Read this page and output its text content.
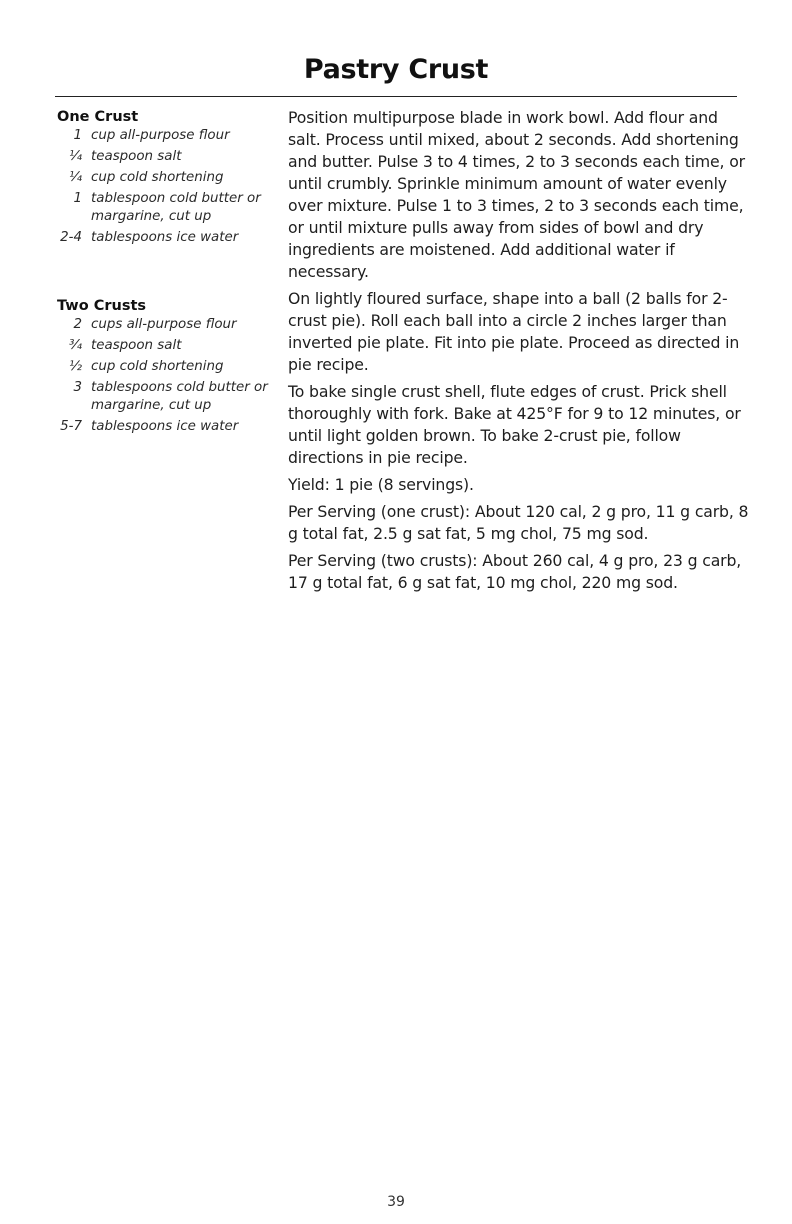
Pastry Crust
One Crust
1 cup all-purpose flour
¼ teaspoon salt
¼ cup cold shortening
1 tablespoon cold butter or margarine, cut up
2-4 tablespoons ice water
Two Crusts
2 cups all-purpose flour
¾ teaspoon salt
½ cup cold shortening
3 tablespoons cold butter or margarine, cut up
5-7 tablespoons ice water

Position multipurpose blade in work bowl. Add flour and salt. Process until mixed, about 2 seconds. Add shortening and butter. Pulse 3 to 4 times, 2 to 3 seconds each time, or until crumbly. Sprinkle minimum amount of water evenly over mixture. Pulse 1 to 3 times, 2 to 3 seconds each time, or until mixture pulls away from sides of bowl and dry ingredients are moistened. Add additional water if necessary.

On lightly floured surface, shape into a ball (2 balls for 2-crust pie). Roll each ball into a circle 2 inches larger than inverted pie plate. Fit into pie plate. Proceed as directed in pie recipe.

To bake single crust shell, flute edges of crust. Prick shell thoroughly with fork. Bake at 425°F for 9 to 12 minutes, or until light golden brown. To bake 2-crust pie, follow directions in pie recipe.

Yield: 1 pie (8 servings).

Per Serving (one crust): About 120 cal, 2 g pro, 11 g carb, 8 g total fat, 2.5 g sat fat, 5 mg chol, 75 mg sod.

Per Serving (two crusts): About 260 cal, 4 g pro, 23 g carb, 17 g total fat, 6 g sat fat, 10 mg chol, 220 mg sod.

39
